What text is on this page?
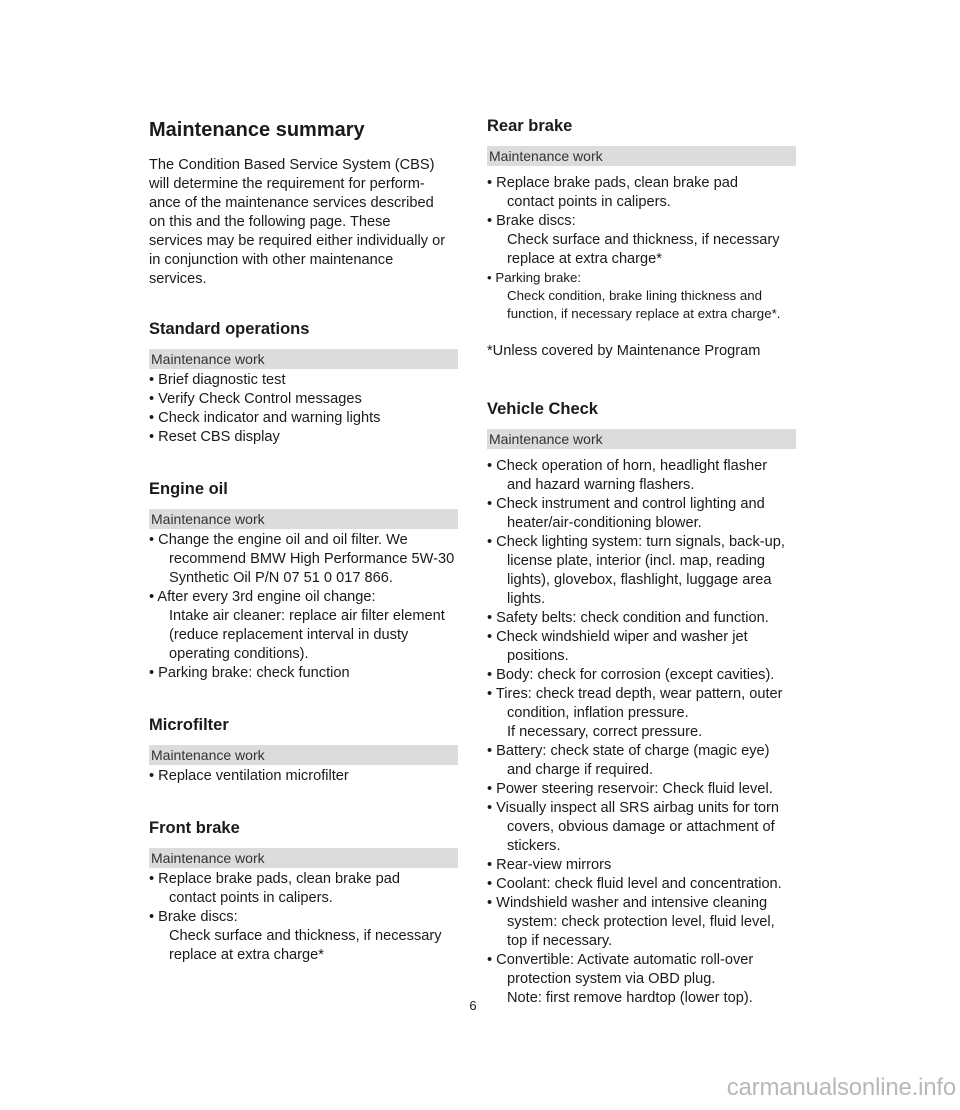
Maintenance summary

The Condition Based Service System (CBS)
will determine the requirement for perform-
ance of the maintenance services described
on this and the following page. These
services may be required either individually or
in conjunction with other maintenance
services.

Standard operations
Maintenance work
• Brief diagnostic test
• Verify Check Control messages
• Check indicator and warning lights
• Reset CBS display
Engine oil
Maintenance work
• Change the engine oil and oil filter. We
recommend BMW High Performance 5W-30
Synthetic Oil P/N 07 51 0 017 866.
• After every 3rd engine oil change:
Intake air cleaner: replace air filter element
(reduce replacement interval in dusty
operating conditions).
• Parking brake: check function
Microfilter
Maintenance work
• Replace ventilation microfilter
Front brake
Maintenance work
• Replace brake pads, clean brake pad
contact points in calipers.
• Brake discs:
Check surface and thickness, if necessary
replace at extra charge*
Rear brake
Maintenance work
• Replace brake pads, clean brake pad
contact points in calipers.
• Brake discs:
Check surface and thickness, if necessary
replace at extra charge*
• Parking brake:
Check condition, brake lining thickness and
function, if necessary replace at extra charge*.

*Unless covered by Maintenance Program

Vehicle Check
Maintenance work
• Check operation of horn, headlight flasher
and hazard warning flashers.
• Check instrument and control lighting and
heater/air-conditioning blower.
• Check lighting system: turn signals, back-up,
license plate, interior (incl. map, reading
lights), glovebox, flashlight, luggage area
lights.
• Safety belts: check condition and function.
• Check windshield wiper and washer jet
positions.
• Body: check for corrosion (except cavities).
• Tires: check tread depth, wear pattern, outer
condition, inflation pressure.
If necessary, correct pressure.
• Battery: check state of charge (magic eye)
and charge if required.
• Power steering reservoir: Check fluid level.
• Visually inspect all SRS airbag units for torn
covers, obvious damage or attachment of
stickers.
• Rear-view mirrors
• Coolant: check fluid level and concentration.
• Windshield washer and intensive cleaning
system: check protection level, fluid level,
top if necessary.
• Convertible: Activate automatic roll-over
protection system via OBD plug.
Note: first remove hardtop (lower top).
6
carmanualsonline.info
